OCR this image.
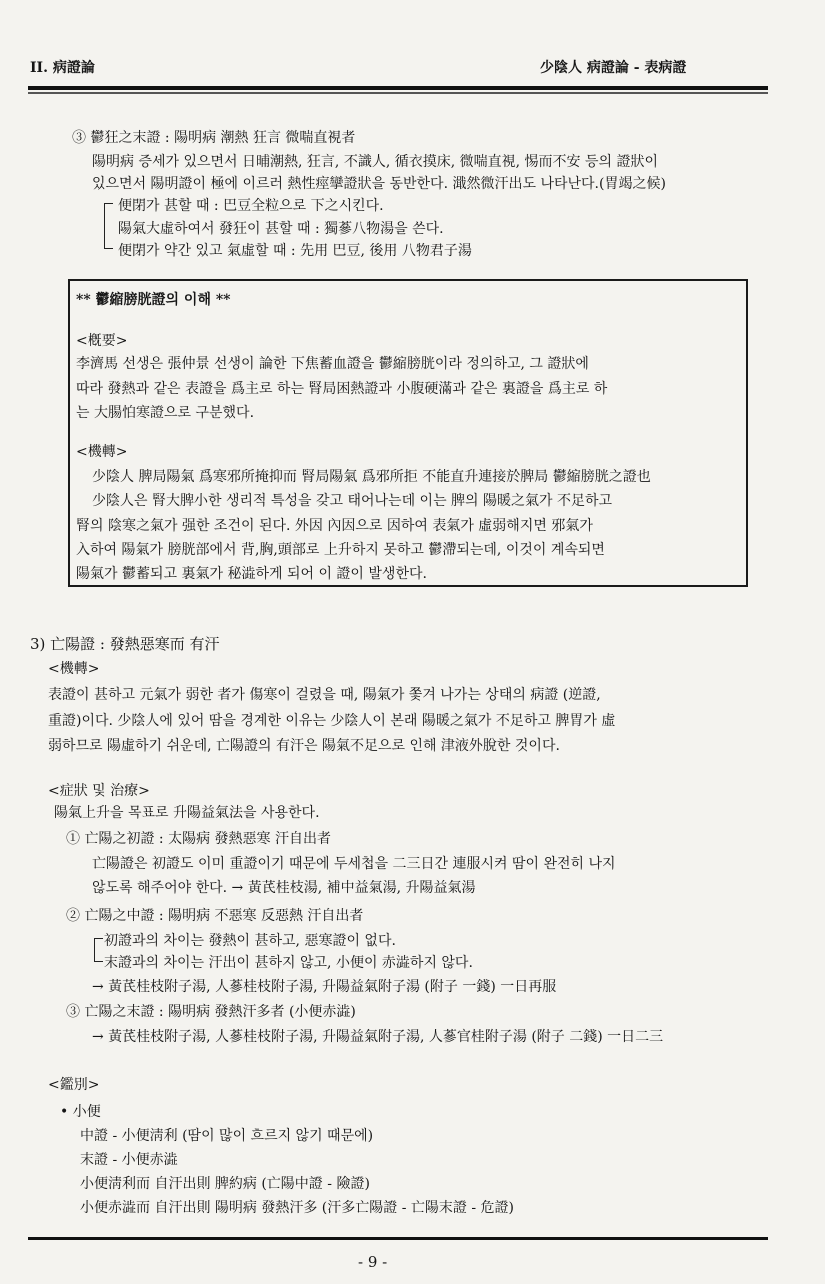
II. 病證論	少陰人 病證論 - 表病證
③ 鬱狂之末證 : 陽明病 潮熱 狂言 微喘直視者
陽明病 증세가 있으면서 日晡潮熱, 狂言, 不識人, 循衣摸床, 微喘直視, 惕而不安 등의 證狀이
있으면서 陽明證이 極에 이르러 熱性痙攣證狀을 동반한다. 濈然微汗出도 나타난다.(胃竭之候)
便閉가 甚할 때 : 巴豆全粒으로 下之시킨다.
陽氣大虛하여서 發狂이 甚할 때 : 獨蔘八物湯을 쓴다.
便閉가 약간 있고 氣虛할 때 : 先用 巴豆, 後用 八物君子湯
** 鬱縮膀胱證의 이해 **
<槪要>
李濟馬 선생은 張仲景 선생이 論한 下焦蓄血證을 鬱縮膀胱이라 정의하고, 그 證狀에
따라 發熱과 같은 表證을 爲主로 하는 腎局困熱證과 小腹硬滿과 같은 裏證을 爲主로 하
는 大腸怕寒證으로 구분했다.
<機轉>
少陰人 脾局陽氣 爲寒邪所掩抑而 腎局陽氣 爲邪所拒 不能直升連接於脾局 鬱縮膀胱之證也
少陰人은 腎大脾小한 생리적 특성을 갖고 태어나는데 이는 脾의 陽暖之氣가 不足하고
腎의 陰寒之氣가 强한 조건이 된다. 外因 內因으로 因하여 表氣가 虛弱해지면 邪氣가
入하여 陽氣가 膀胱部에서 背,胸,頭部로 上升하지 못하고 鬱滯되는데, 이것이 계속되면
陽氣가 鬱蓄되고 裏氣가 秘澁하게 되어 이 證이 발생한다.
3) 亡陽證 : 發熱惡寒而 有汗
<機轉>
表證이 甚하고 元氣가 弱한 者가 傷寒이 걸렸을 때, 陽氣가 쫓겨 나가는 상태의 病證 (逆證,
重證)이다. 少陰人에 있어 땀을 경계한 이유는 少陰人이 본래 陽暖之氣가 不足하고 脾胃가 虛
弱하므로 陽虛하기 쉬운데, 亡陽證의 有汗은 陽氣不足으로 인해 津液外脫한 것이다.
<症狀 및 治療>
陽氣上升을 목표로 升陽益氣法을 사용한다.
① 亡陽之初證 : 太陽病 發熱惡寒 汗自出者
亡陽證은 初證도 이미 重證이기 때문에 두세첩을 二三日간 連服시켜 땀이 완전히 나지
않도록 해주어야 한다. → 黃芪桂枝湯, 補中益氣湯, 升陽益氣湯
② 亡陽之中證 : 陽明病 不惡寒 反惡熱 汗自出者
初證과의 차이는 發熱이 甚하고, 惡寒證이 없다.
末證과의 차이는 汗出이 甚하지 않고, 小便이 赤澁하지 않다.
→ 黃芪桂枝附子湯, 人蔘桂枝附子湯, 升陽益氣附子湯 (附子 一錢) 一日再服
③ 亡陽之末證 : 陽明病 發熱汗多者 (小便赤澁)
→ 黃芪桂枝附子湯, 人蔘桂枝附子湯, 升陽益氣附子湯, 人蔘官桂附子湯 (附子 二錢) 一日二三
<鑑別>
• 小便
中證 - 小便淸利 (땀이 많이 흐르지 않기 때문에)
末證 - 小便赤澁
小便淸利而 自汗出則 脾約病 (亡陽中證 - 險證)
小便赤澁而 自汗出則 陽明病 發熱汗多 (汗多亡陽證 - 亡陽末證 - 危證)
- 9 -
